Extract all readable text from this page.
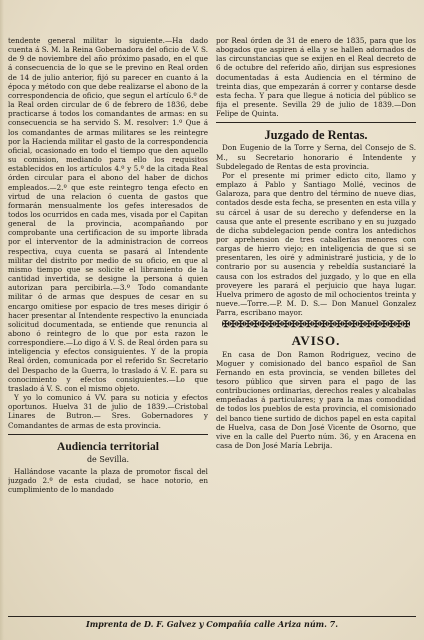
tendente general militar lo siguiente.—Ha dado cuenta á S. M. la Reina Gobernadora del oficio de V. S. de 9 de noviembre del año próximo pasado, en el que á consecuencia de lo que se le previno en Real orden de 14 de julio anterior, fijó su parecer en cuanto á la época y método con que debe realizarse el abono de la correspondencia de oficio, que segun el artículo 6.º de la Real orden circular de 6 de febrero de 1836, debe practicarse á todos los comandantes de armas: en su consecuencia se ha servido S. M. resolver: 1.º Que á los comandantes de armas militares se les reintegre por la Hacienda militar el gasto de la correspondencia oficial, ocasionado en todo el tiempo que den aquello su comision, mediando para ello los requisitos establecidos en los artículos 4.º y 5.º de la citada Real órden circular para el abono del haber de dichos empleados.—2.º que este reintegro tenga efecto en virtud de una relacion ó cuenta de gastos que formarán mensualmente los gefes interesados de todos los ocurridos en cada mes, visada por el Capitan general de la provincia, acompañando por comprobante una certificacion de su importe librada por el interventor de la administracion de correos respectiva, cuya cuenta se pasará al Intendente militar del distrito por medio de su oficio, en que al mismo tiempo que se solicite el libramiento de la cantidad invertida, se designe la persona á quien autorizan para percibirla.—3.º Todo comandante militar ó de armas que despues de cesar en su encargo omitiese por espacio de tres meses dirigir ó hacer presentar al Intendente respectivo la enunciada solicitud documentada, se entiende que renuncia al abono ó reintegro de lo que por esta razon le correspondiere.—Lo digo á V. S. de Real órden para su inteligencia y efectos consiguientes. Y de la propia Real órden, comunicada por el referido Sr. Secretario del Despacho de la Guerra, lo traslado á V. E. para su conocimiento y efectos consiguientes.—Lo que traslado á V. S. con el mismo objeto.

Y yo lo comunico á VV. para su noticia y efectos oportunos. Huelva 31 de julio de 1839.—Cristobal Linares de Butron.— Sres. Gobernadores y Comandantes de armas de esta provincia.

Audiencia territorial
de Sevilla.

Hallándose vacante la plaza de promotor fiscal del juzgado 2.º de esta ciudad, se hace notorio, en cumplimiento de lo mandado

por Real órden de 31 de enero de 1835, para que los abogados que aspiren á ella y se hallen adornados de las circunstancias que se exijen en el Real decreto de 6 de octubre del referido año, dirijan sus espresiones documentadas á esta Audiencia en el término de treinta dias, que empezarán á correr y contarse desde esta fecha. Y para que llegue á noticia del público se fija el presente. Sevilla 29 de julio de 1839.—Don Felipe de Quinta.

Juzgado de Rentas.

Don Eugenio de la Torre y Serna, del Consejo de S. M., su Secretario honorario é Intendente y Subdelegado de Rentas de esta provincia.

Por el presente mi primer edicto cito, llamo y emplazo á Pablo y Santiago Mollé, vecinos de Galaroza, para que dentro del término de nueve dias, contados desde esta fecha, se presenten en esta villa y su cárcel á usar de su derecho y defenderse en la causa que ante el presente escribano y en su juzgado de dicha subdelegacion pende contra los antedichos por aprehension de tres caballerías menores con cargas de hierro viejo; en inteligencia de que si se presentaren, les oiré y administraré justicia, y de lo contrario por su ausencia y rebeldía sustanciaré la causa con los estrados del juzgado, y lo que en ella proveyere les parará el perjuicio que haya lugar. Huelva primero de agosto de mil ochocientos treinta y nueve.—Torre.—P. M. D. S.— Don Manuel Gonzalez Parra, escribano mayor.

✠✠✠✠✠✠✠✠✠✠✠✠✠✠✠✠✠✠✠✠✠✠✠✠✠
AVISO.

En casa de Don Ramon Rodriguez, vecino de Moguer y comisionado del banco español de San Fernando en esta provincia, se venden billetes del tesoro público que sirven para el pago de las contribuciones ordinarias, derechos reales y alcabalas empeñadas á particulares; y para la mas comodidad de todos los pueblos de esta provincia, el comisionado del banco tiene surtido de dichos papel en esta capital de Huelva, casa de Don José Vicente de Osorno, que vive en la calle del Puerto núm. 36, y en Aracena en casa de Don José María Lebrija.

Imprenta de D. F. Galvez y Compañía calle Ariza núm. 7.
